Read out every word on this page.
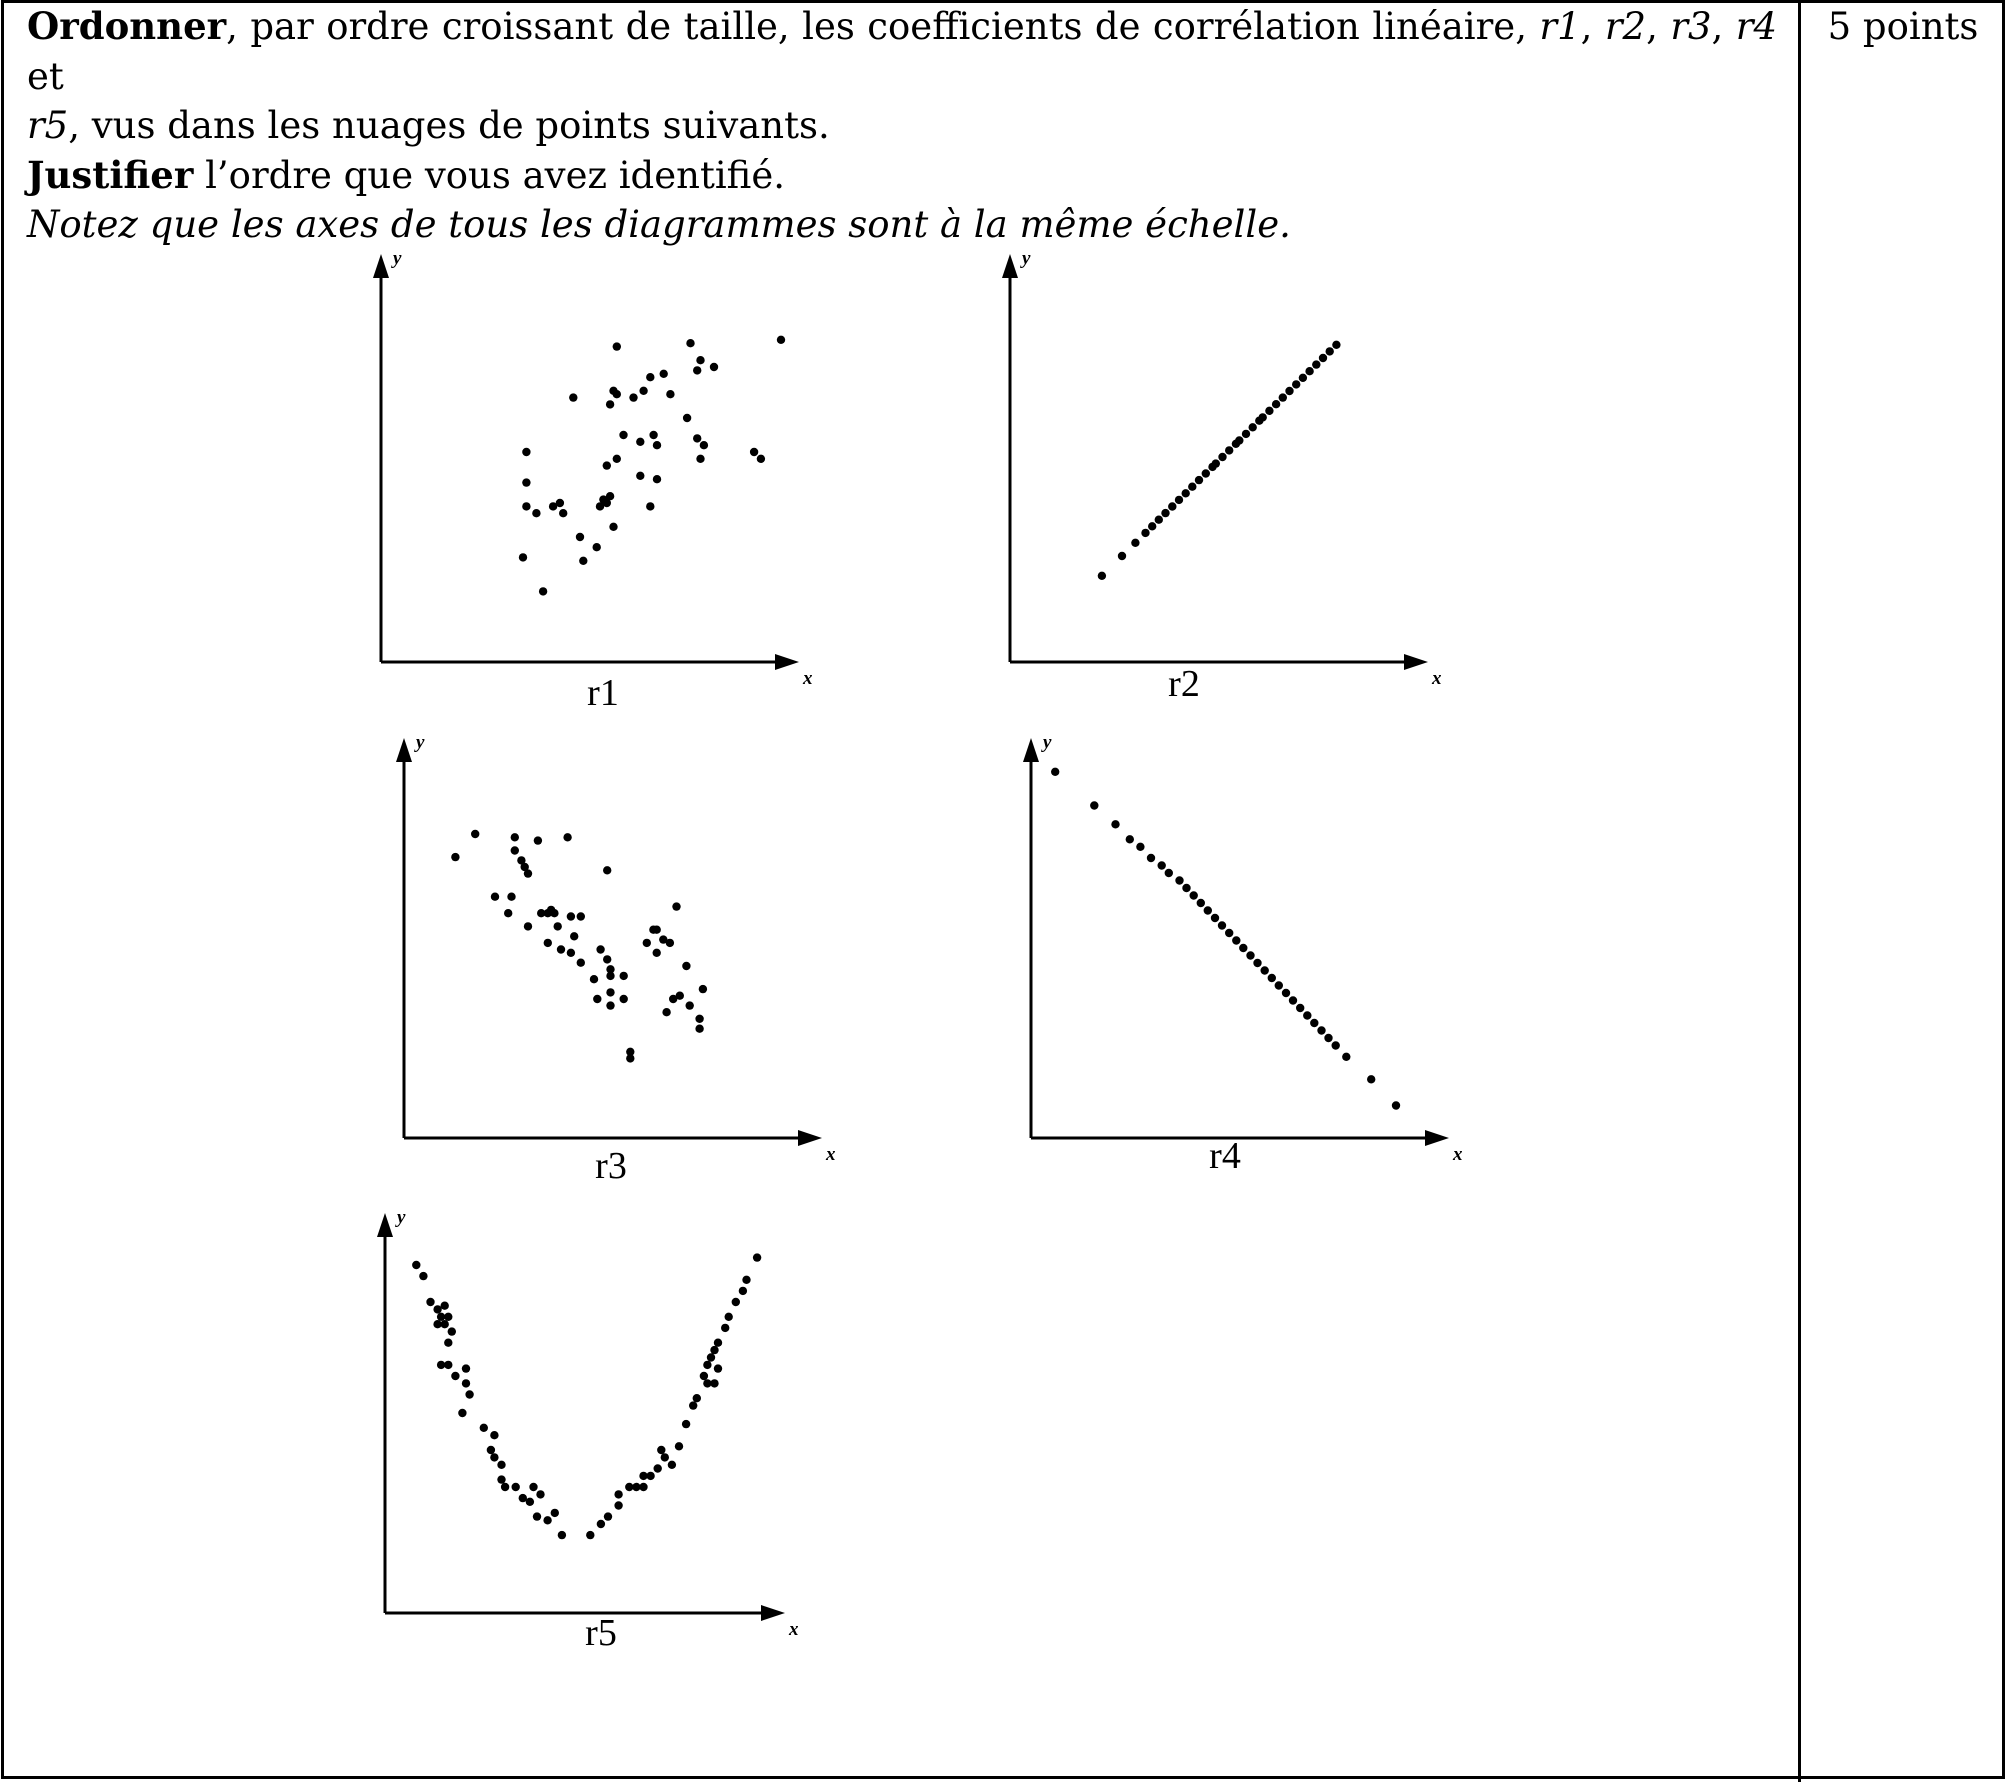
Ordonner, par ordre croissant de taille, les coefficients de corrélation linéaire, r1, r2, r3, r4 et
r5, vus dans les nuages de points suivants.
Justifier l’ordre que vous avez identifié.
Notez que les axes de tous les diagrammes sont à la même échelle.
5 points
x
y
r1	x
y
r2
x
y
r3	x
y
r4
x
y
r5
